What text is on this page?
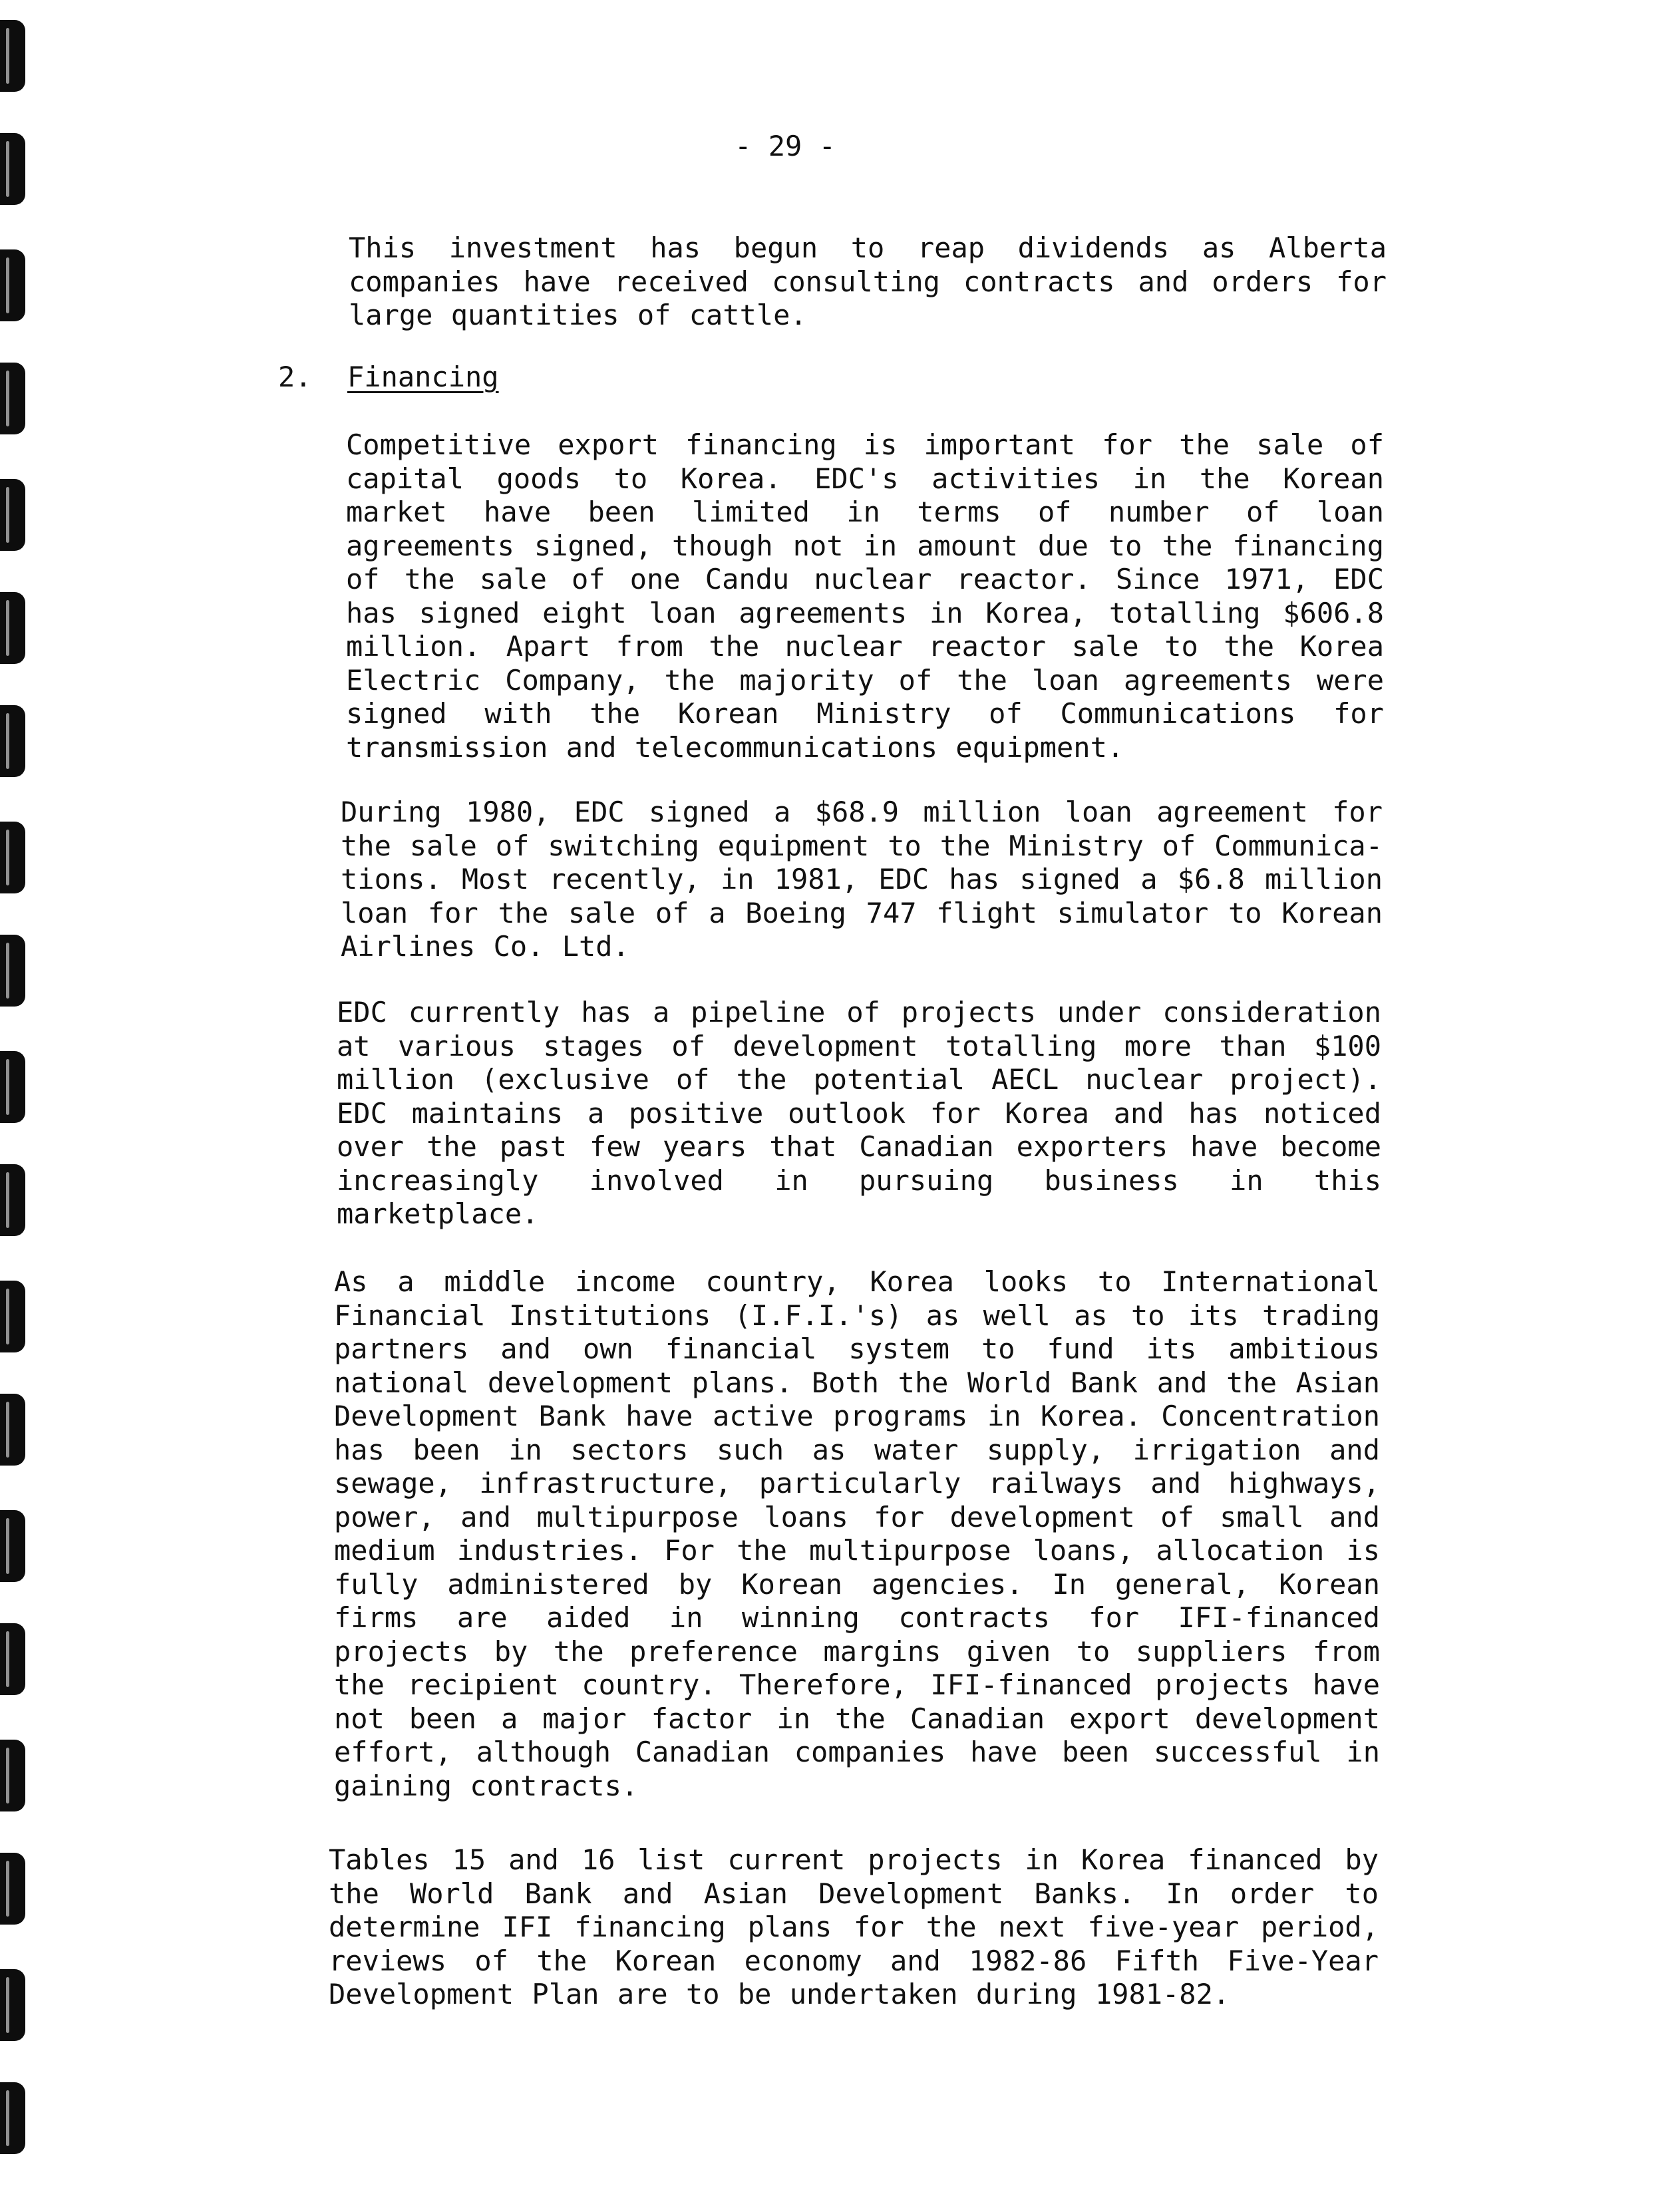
- 29 -

This investment has begun to reap dividends as Alberta companies have received consulting contracts and orders for large quantities of cattle.

2. Financing

Competitive export financing is important for the sale of capital goods to Korea. EDC's activities in the Korean market have been limited in terms of number of loan agreements signed, though not in amount due to the financing of the sale of one Candu nuclear reactor. Since 1971, EDC has signed eight loan agreements in Korea, totalling $606.8 million. Apart from the nuclear reactor sale to the Korea Electric Company, the majority of the loan agreements were signed with the Korean Ministry of Communications for transmission and telecommunications equipment.

During 1980, EDC signed a $68.9 million loan agreement for the sale of switching equipment to the Ministry of Communica-tions. Most recently, in 1981, EDC has signed a $6.8 million loan for the sale of a Boeing 747 flight simulator to Korean Airlines Co. Ltd.

EDC currently has a pipeline of projects under consideration at various stages of development totalling more than $100 million (exclusive of the potential AECL nuclear project). EDC maintains a positive outlook for Korea and has noticed over the past few years that Canadian exporters have become increasingly involved in pursuing business in this marketplace.

As a middle income country, Korea looks to International Financial Institutions (I.F.I.'s) as well as to its trading partners and own financial system to fund its ambitious national development plans. Both the World Bank and the Asian Development Bank have active programs in Korea. Concentration has been in sectors such as water supply, irrigation and sewage, infrastructure, particularly railways and highways, power, and multipurpose loans for development of small and medium industries. For the multipurpose loans, allocation is fully administered by Korean agencies. In general, Korean firms are aided in winning contracts for IFI-financed projects by the preference margins given to suppliers from the recipient country. Therefore, IFI-financed projects have not been a major factor in the Canadian export development effort, although Canadian companies have been successful in gaining contracts.

Tables 15 and 16 list current projects in Korea financed by the World Bank and Asian Development Banks. In order to determine IFI financing plans for the next five-year period, reviews of the Korean economy and 1982-86 Fifth Five-Year Development Plan are to be undertaken during 1981-82.
